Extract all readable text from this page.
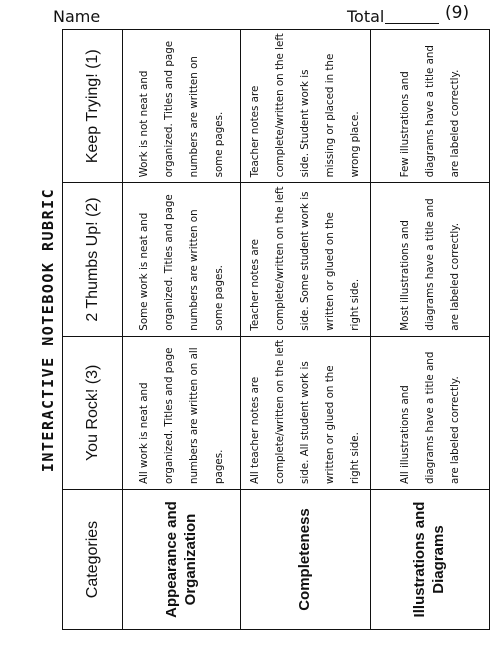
Name	Total	(9)
INTERACTIVE NOTEBOOK RUBRIC
Categories	You Rock! (3)	2 Thumbs Up! (2)	Keep Trying! (1)
Appearance and Organization	All work is neat and organized. Titles and page numbers are written on all pages.	Some work is neat and organized. Titles and page numbers are written on some pages.	Work is not neat and organized. Titles and page numbers are written on some pages.
Completeness	All teacher notes are complete/written on the left side. All student work is written or glued on the right side.	Teacher notes are complete/written on the left side. Some student work is written or glued on the right side.	Teacher notes are complete/written on the left side. Student work is missing or placed in the wrong place.
Illustrations and Diagrams	All illustrations and diagrams have a title and are labeled correctly.	Most illustrations and diagrams have a title and are labeled correctly.	Few illustrations and diagrams have a title and are labeled correctly.
